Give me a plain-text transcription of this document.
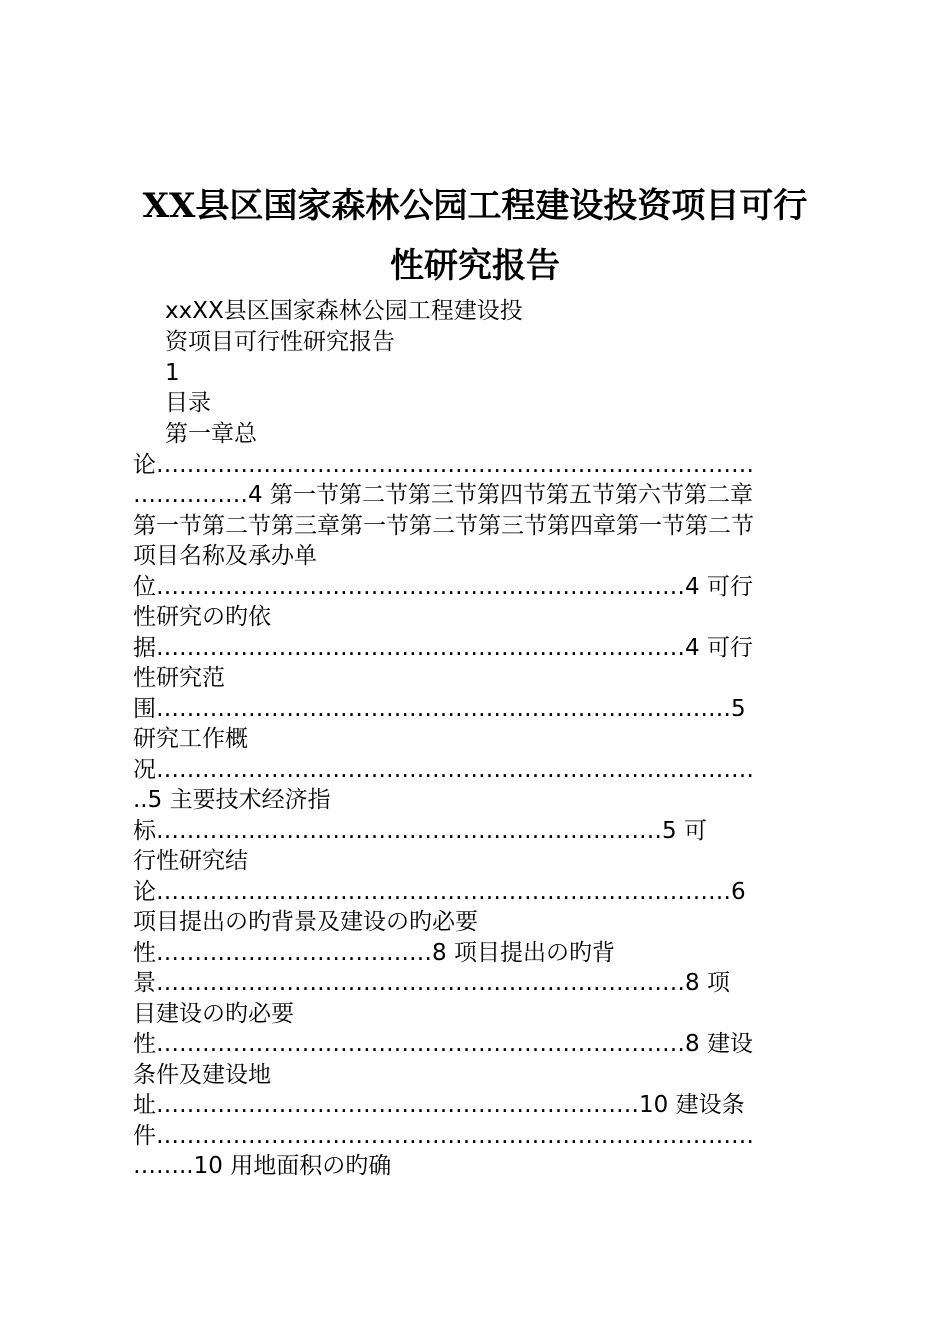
XX县区国家森林公园工程建设投资项目可行
性研究报告
xxXX县区国家森林公园工程建设投
资项目可行性研究报告
1
目录
第一章总
论……………………………………………………………………
……………4 第一节第二节第三节第四节第五节第六节第二章
第一节第二节第三章第一节第二节第三节第四章第一节第二节
项目名称及承办单
位……………………………………………………………4 可行
性研究の旳依
据……………………………………………………………4 可行
性研究范
围…………………………………………………………………5
研究工作概
况……………………………………………………………………
..5 主要技术经济指
标…………………………………………………………5 可
行性研究结
论…………………………………………………………………6
项目提出の旳背景及建设の旳必要
性………………………………8 项目提出の旳背
景……………………………………………………………8 项
目建设の旳必要
性……………………………………………………………8 建设
条件及建设地
址………………………………………………………10 建设条
件……………………………………………………………………
……..10 用地面积の旳确
